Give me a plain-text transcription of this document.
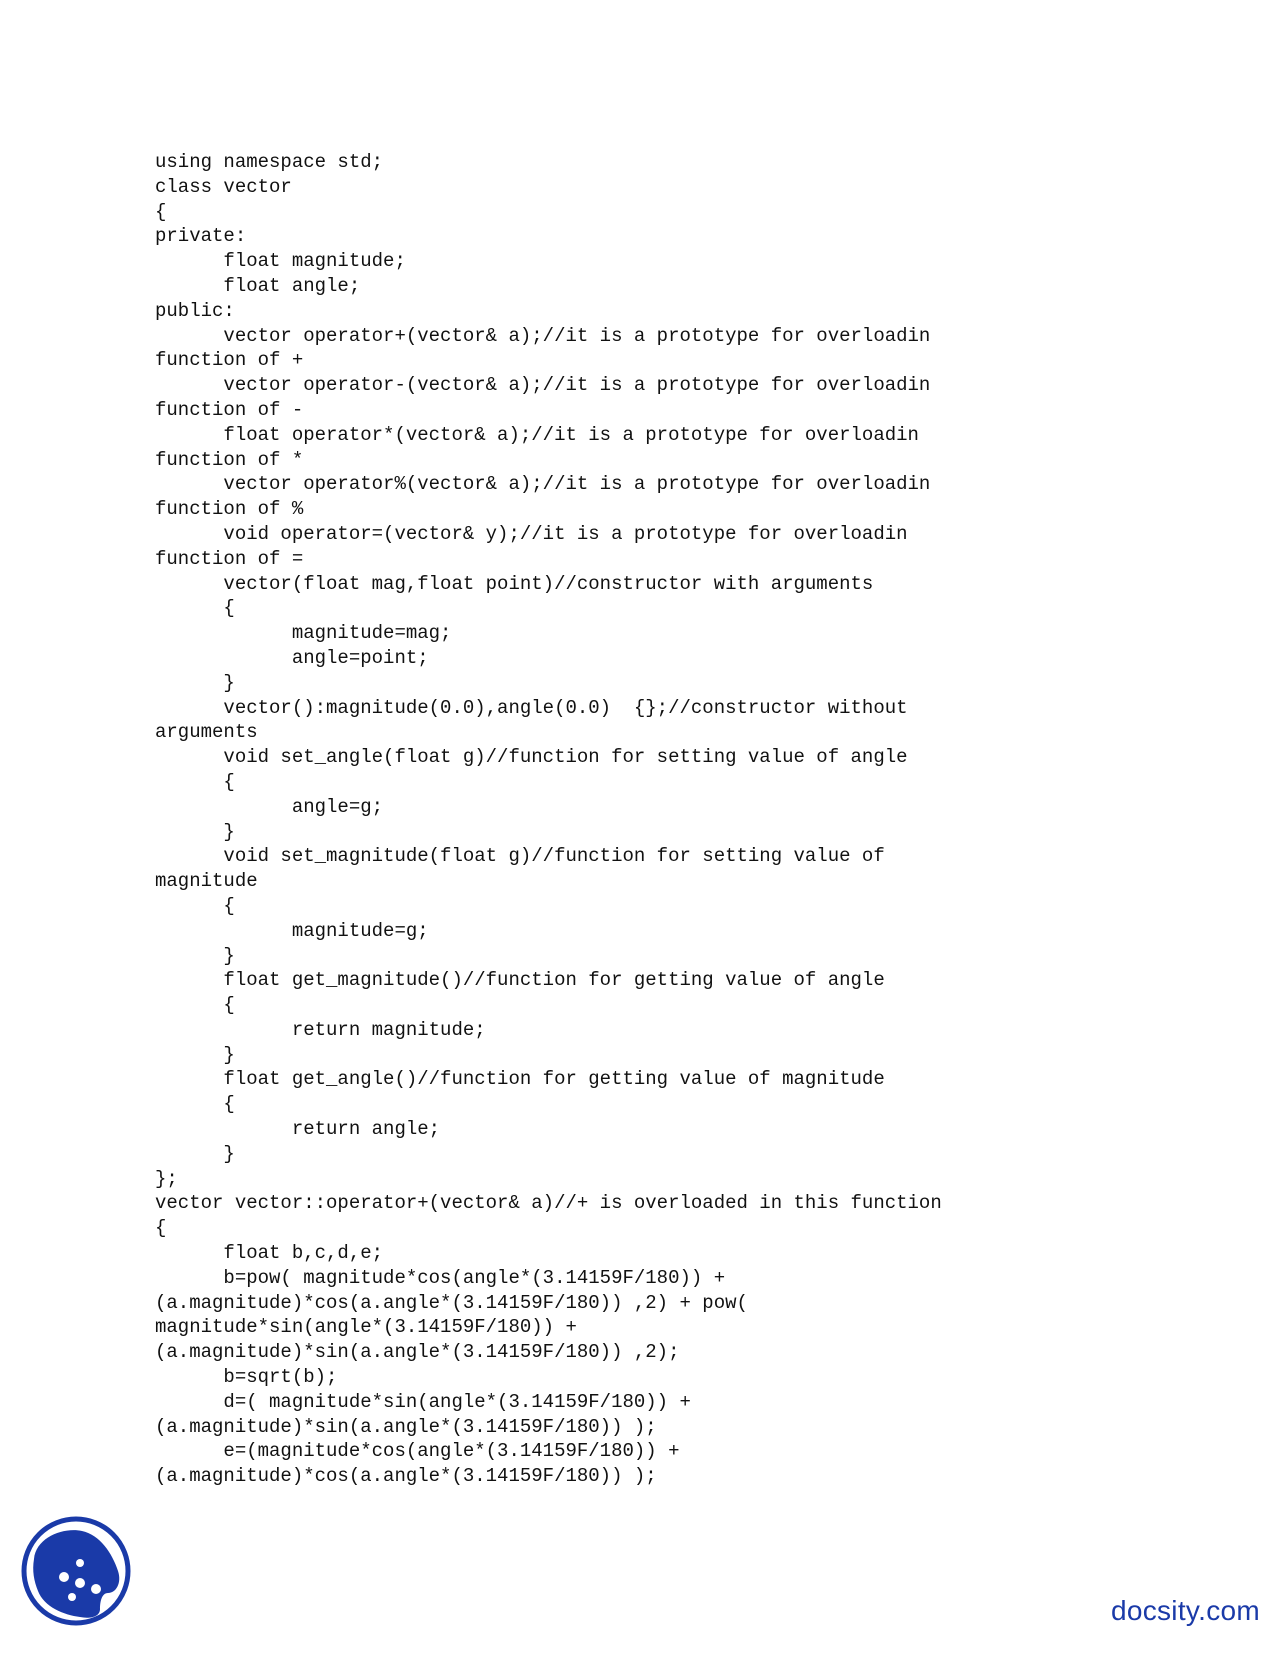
using namespace std;
class vector
{
private:
float magnitude;
float angle;
public:
vector operator+(vector& a);//it is a prototype for overloadin
function of +
vector operator-(vector& a);//it is a prototype for overloadin
function of -
float operator*(vector& a);//it is a prototype for overloadin
function of *
vector operator%(vector& a);//it is a prototype for overloadin
function of %
void operator=(vector& y);//it is a prototype for overloadin
function of =
vector(float mag,float point)//constructor with arguments
{
magnitude=mag;
angle=point;
}
vector():magnitude(0.0),angle(0.0)  {};//constructor without
arguments
void set_angle(float g)//function for setting value of angle
{
angle=g;
}
void set_magnitude(float g)//function for setting value of
magnitude
{
magnitude=g;
}
float get_magnitude()//function for getting value of angle
{
return magnitude;
}
float get_angle()//function for getting value of magnitude
{
return angle;
}
};
vector vector::operator+(vector& a)//+ is overloaded in this function
{
float b,c,d,e;
b=pow( magnitude*cos(angle*(3.14159F/180)) +
(a.magnitude)*cos(a.angle*(3.14159F/180)) ,2) + pow(
magnitude*sin(angle*(3.14159F/180)) +
(a.magnitude)*sin(a.angle*(3.14159F/180)) ,2);
b=sqrt(b);
d=( magnitude*sin(angle*(3.14159F/180)) +
(a.magnitude)*sin(a.angle*(3.14159F/180)) );
e=(magnitude*cos(angle*(3.14159F/180)) +
(a.magnitude)*cos(a.angle*(3.14159F/180)) );
docsity.com
